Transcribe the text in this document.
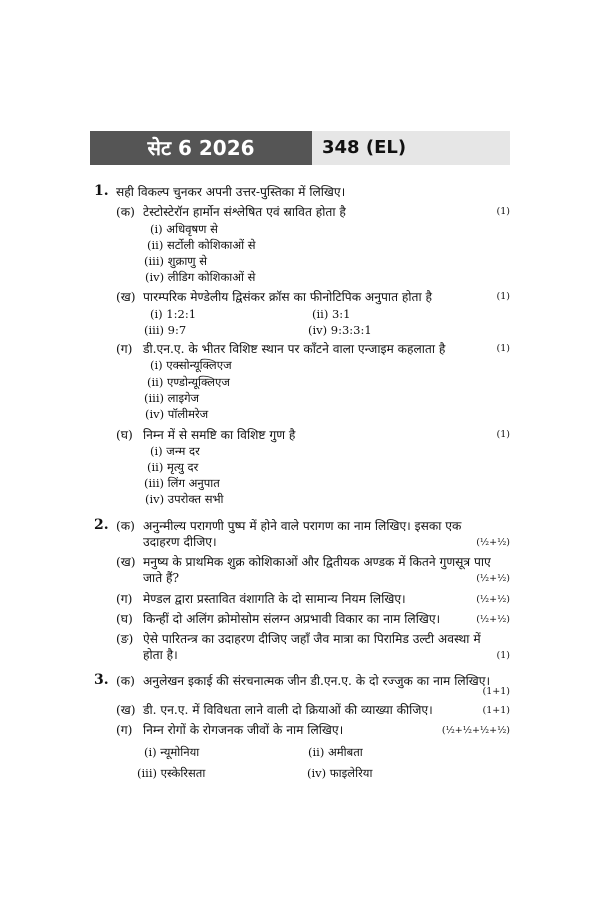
सेट 6 2026	348 (EL)
1. सही विकल्प चुनकर अपनी उत्तर-पुस्तिका में लिखिए।
(क) टेस्टोस्टेरॉन हार्मोन संश्लेषित एवं स्रावित होता है	(1)
(i) अधिवृषण से
(ii) सर्टोली कोशिकाओं से
(iii) शुक्राणु से
(iv) लीडिग कोशिकाओं से
(ख) पारम्परिक मेण्डेलीय द्विसंकर क्रॉस का फीनोटिपिक अनुपात होता है	(1)
(i) 1:2:1	(ii) 3:1
(iii) 9:7	(iv) 9:3:3:1
(ग) डी.एन.ए. के भीतर विशिष्ट स्थान पर काँटने वाला एन्जाइम कहलाता है	(1)
(i) एक्सोन्यूक्लिएज
(ii) एण्डोन्यूक्लिएज
(iii) लाइगेज
(iv) पॉलीमरेज
(घ) निम्न में से समष्टि का विशिष्ट गुण है	(1)
(i) जन्म दर
(ii) मृत्यु दर
(iii) लिंग अनुपात
(iv) उपरोक्त सभी
2. (क) अनुन्मील्य परागणी पुष्प में होने वाले परागण का नाम लिखिए। इसका एक
उदाहरण दीजिए।	(½+½)
(ख) मनुष्य के प्राथमिक शुक्र कोशिकाओं और द्वितीयक अण्डक में कितने गुणसूत्र पाए
जाते हैं?	(½+½)
(ग) मेण्डल द्वारा प्रस्तावित वंशागति के दो सामान्य नियम लिखिए।	(½+½)
(घ) किन्हीं दो अलिंग क्रोमोसोम संलग्न अप्रभावी विकार का नाम लिखिए।	(½+½)
(ङ) ऐसे पारितन्त्र का उदाहरण दीजिए जहाँ जैव मात्रा का पिरामिड उल्टी अवस्था में
होता है।	(1)
3. (क) अनुलेखन इकाई की संरचनात्मक जीन डी.एन.ए. के दो रज्जुक का नाम लिखिए।
(1+1)
(ख) डी. एन.ए. में विविधता लाने वाली दो क्रियाओं की व्याख्या कीजिए।	(1+1)
(ग) निम्न रोगों के रोगजनक जीवों के नाम लिखिए।	(½+½+½+½)
(i) न्यूमोनिया	(ii) अमीबता
(iii) एस्केरिसता	(iv) फाइलेरिया
